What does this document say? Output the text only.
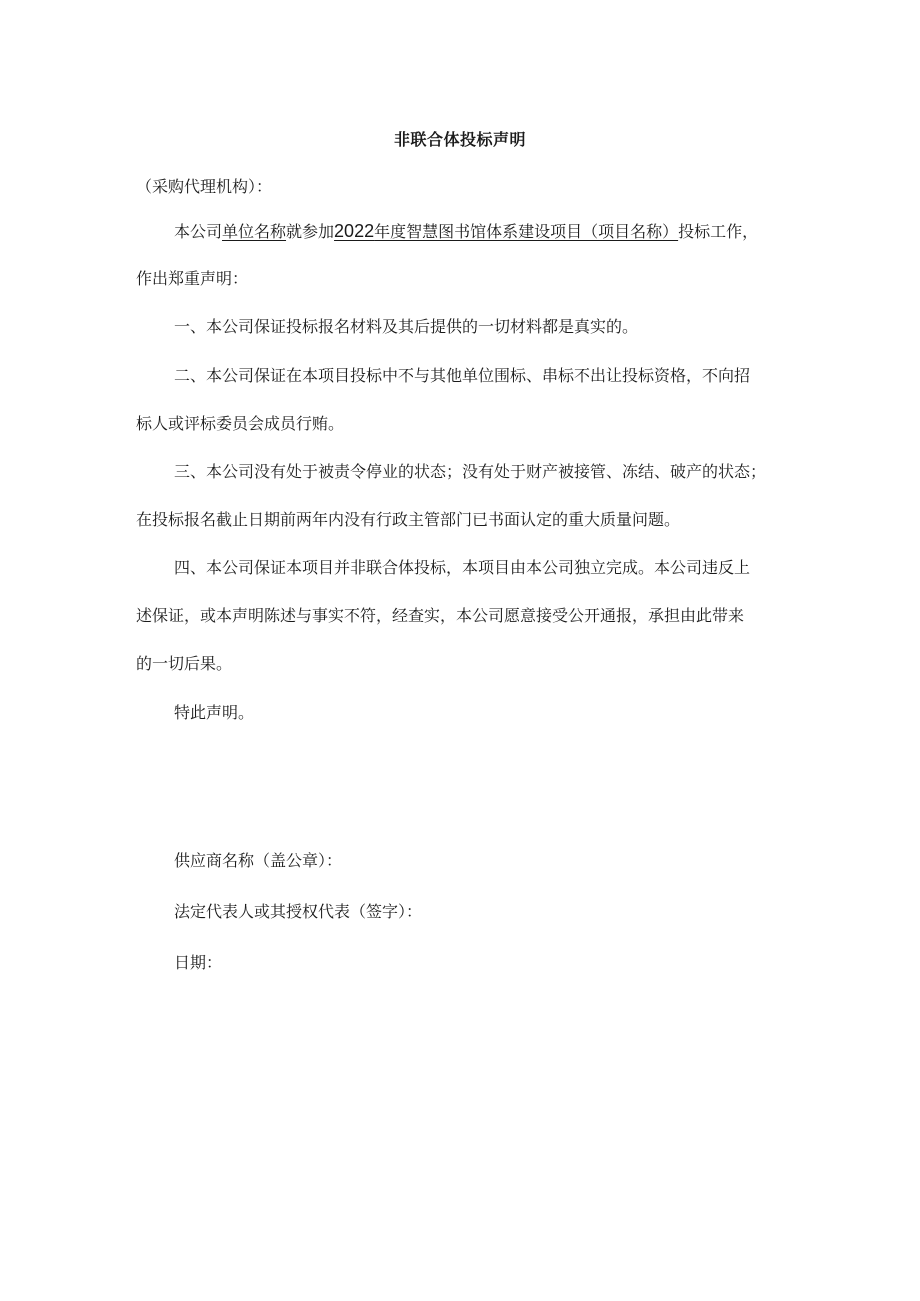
非联合体投标声明
（采购代理机构）：
本公司单位名称就参加2022年度智慧图书馆体系建设项目（项目名称）投标工作，
作出郑重声明：
一、本公司保证投标报名材料及其后提供的一切材料都是真实的。
二、本公司保证在本项目投标中不与其他单位围标、串标不出让投标资格，不向招
标人或评标委员会成员行贿。
三、本公司没有处于被责令停业的状态；没有处于财产被接管、冻结、破产的状态；
在投标报名截止日期前两年内没有行政主管部门已书面认定的重大质量问题。
四、本公司保证本项目并非联合体投标，本项目由本公司独立完成。本公司违反上
述保证，或本声明陈述与事实不符，经查实，本公司愿意接受公开通报，承担由此带来
的一切后果。
特此声明。
供应商名称（盖公章）：
法定代表人或其授权代表（签字）：
日期：
